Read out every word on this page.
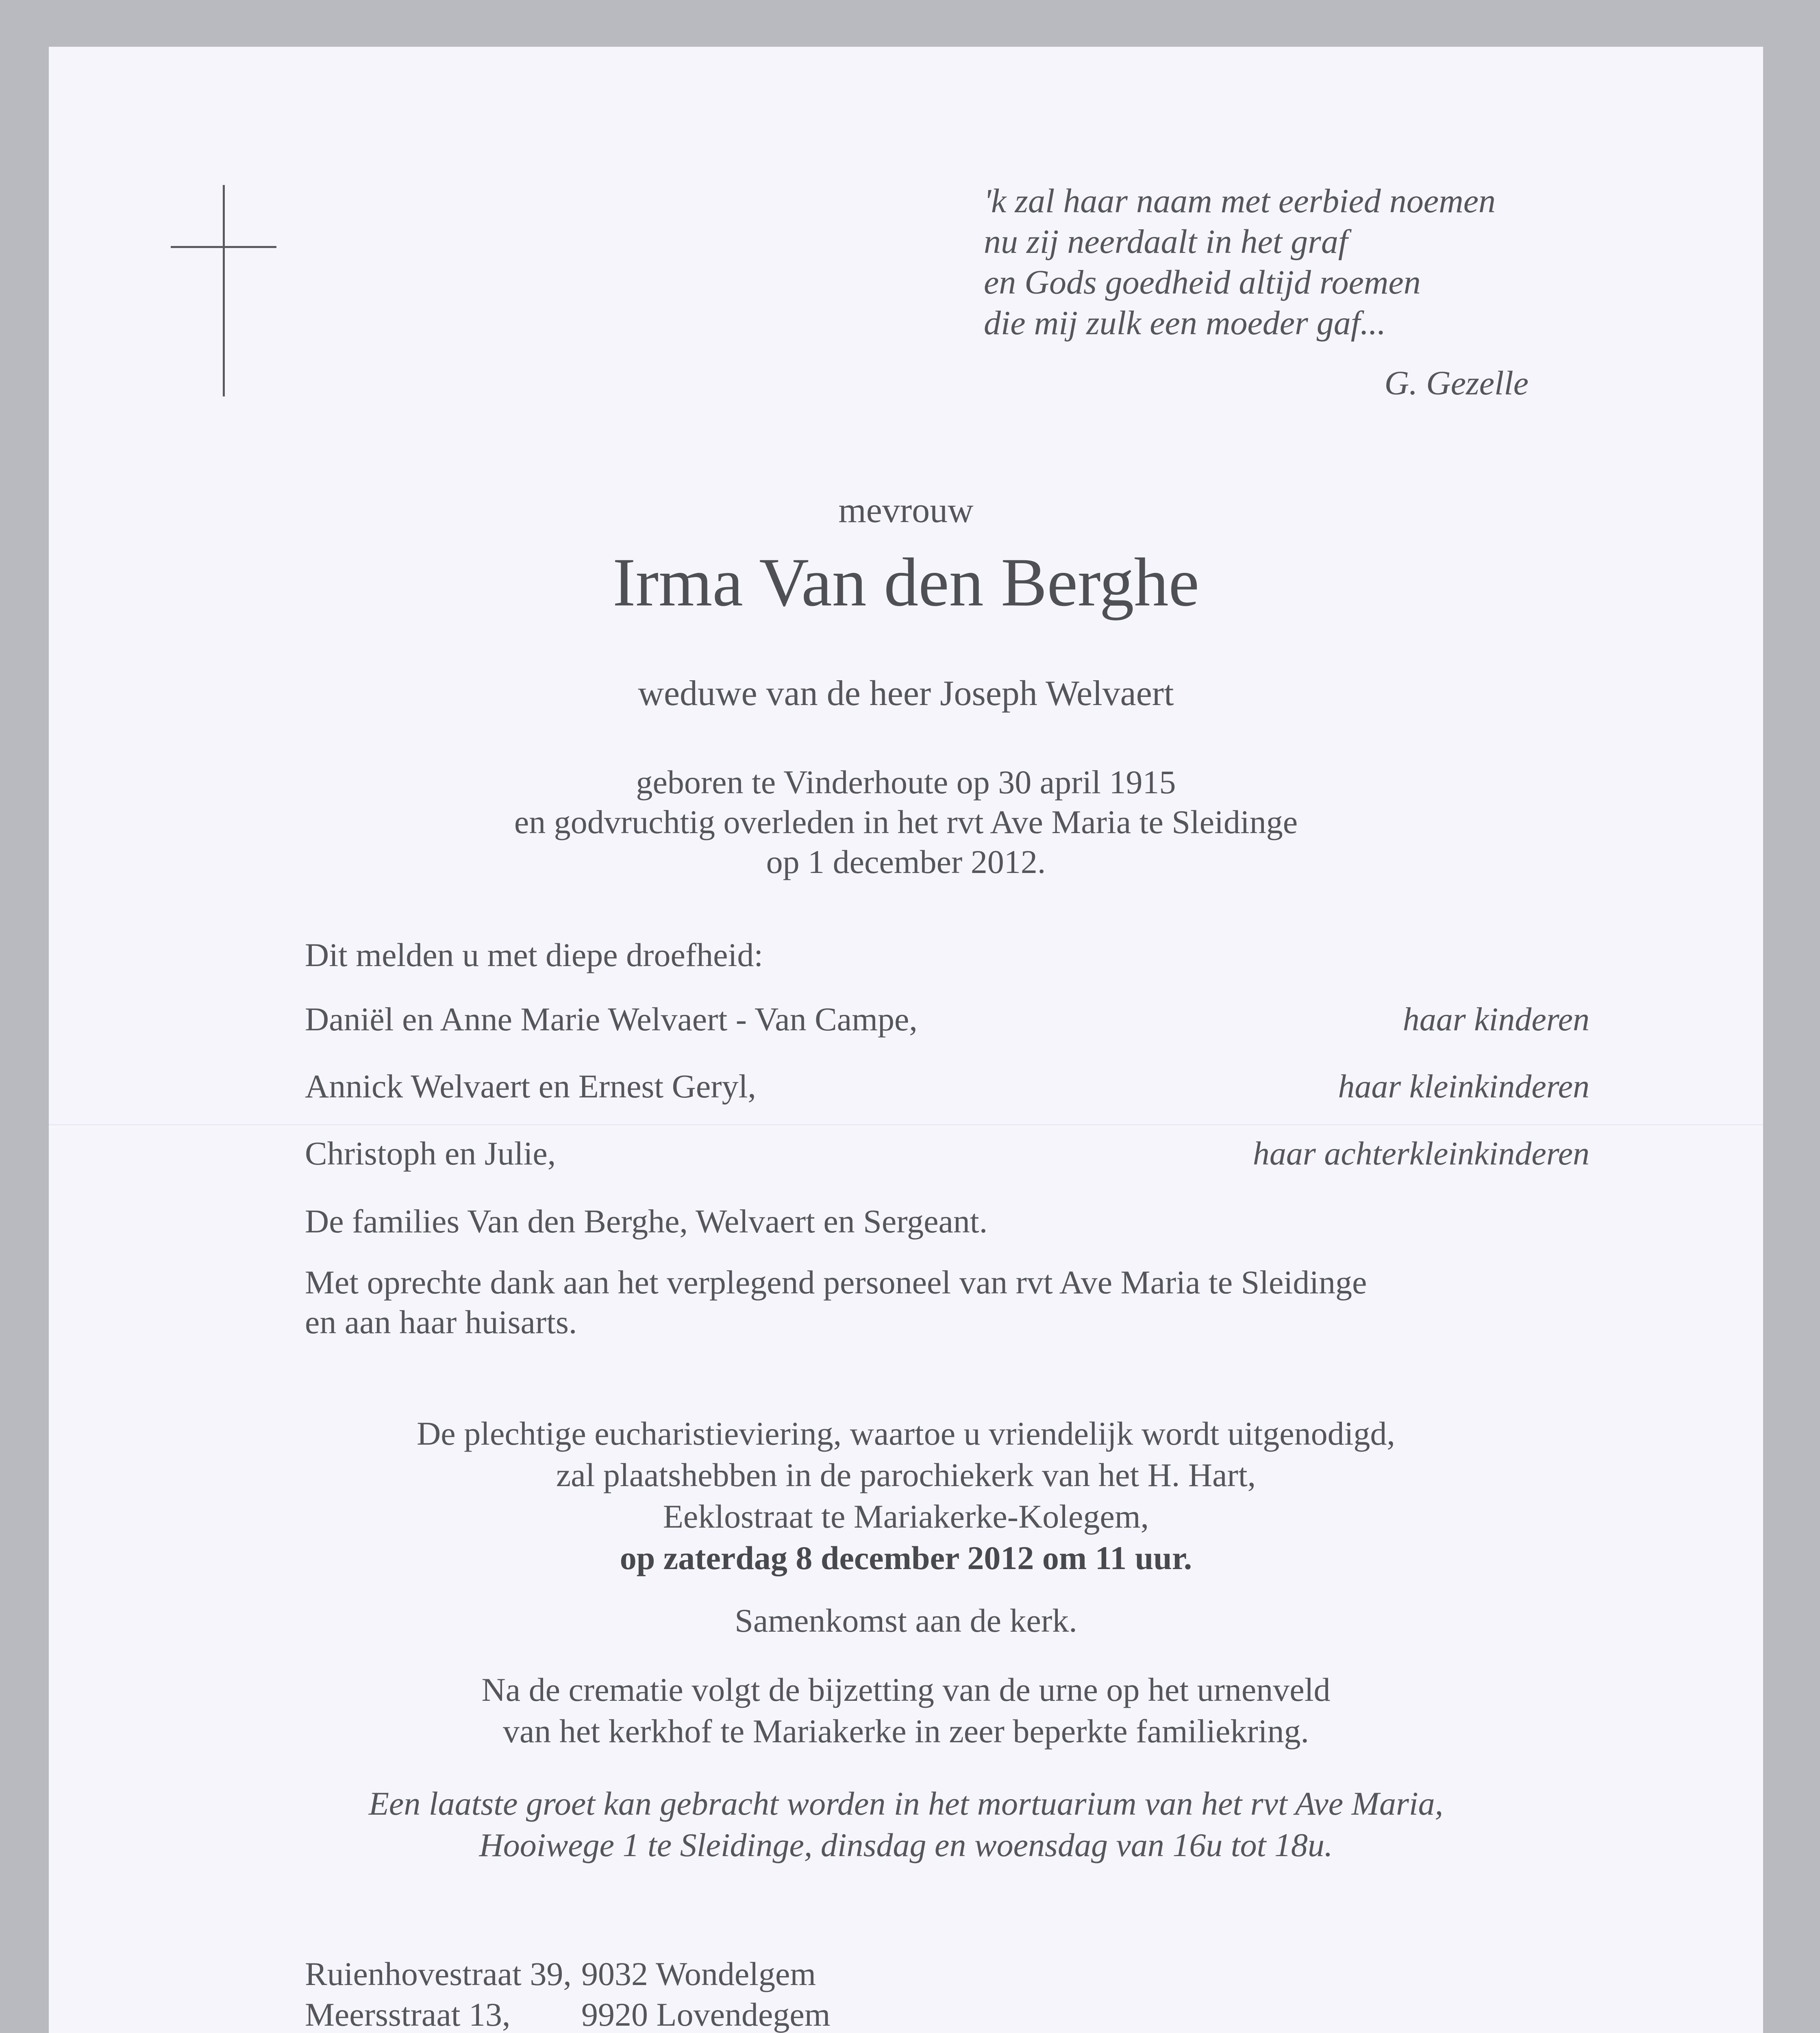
'k zal haar naam met eerbied noemen
nu zij neerdaalt in het graf
en Gods goedheid altijd roemen
die mij zulk een moeder gaf...
G. Gezelle
mevrouw
Irma Van den Berghe
weduwe van de heer Joseph Welvaert
geboren te Vinderhoute op 30 april 1915
en godvruchtig overleden in het rvt Ave Maria te Sleidinge
op 1 december 2012.
Dit melden u met diepe droefheid:
Daniël en Anne Marie Welvaert - Van Campe,	haar kinderen
Annick Welvaert en Ernest Geryl,	haar kleinkinderen
Christoph en Julie,	haar achterkleinkinderen
De families Van den Berghe, Welvaert en Sergeant.
Met oprechte dank aan het verplegend personeel van rvt Ave Maria te Sleidinge
en aan haar huisarts.
De plechtige eucharistieviering, waartoe u vriendelijk wordt uitgenodigd,
zal plaatshebben in de parochiekerk van het H. Hart,
Eeklostraat te Mariakerke-Kolegem,
op zaterdag 8 december 2012 om 11 uur.
Samenkomst aan de kerk.
Na de crematie volgt de bijzetting van de urne op het urnenveld
van het kerkhof te Mariakerke in zeer beperkte familiekring.
Een laatste groet kan gebracht worden in het mortuarium van het rvt Ave Maria,
Hooiwege 1 te Sleidinge, dinsdag en woensdag van 16u tot 18u.
Ruienhovestraat 39, 9032 Wondelgem
Meersstraat 13, 9920 Lovendegem
